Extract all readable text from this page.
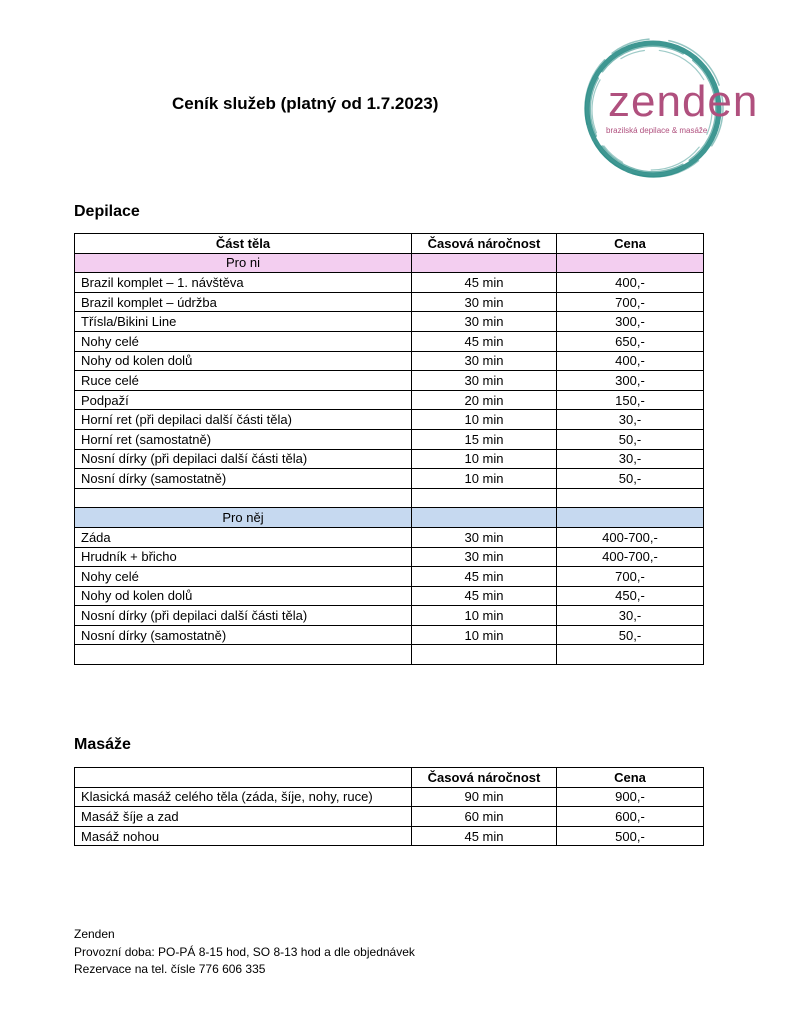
Ceník služeb (platný od 1.7.2023)	zenden
brazilská depilace & masáže
Depilace
Část těla	Časová náročnost	Cena
Pro ni		
Brazil komplet – 1. návštěva	45 min	400,-
Brazil komplet – údržba	30 min	700,-
Třísla/Bikini Line	30 min	300,-
Nohy celé	45 min	650,-
Nohy od kolen dolů	30 min	400,-
Ruce celé	30 min	300,-
Podpaží	20 min	150,-
Horní ret (při depilaci další části těla)	10 min	30,-
Horní ret (samostatně)	15 min	50,-
Nosní dírky (při depilaci další části těla)	10 min	30,-
Nosní dírky (samostatně)	10 min	50,-

Pro něj		
Záda	30 min	400-700,-
Hrudník + břicho	30 min	400-700,-
Nohy celé	45 min	700,-
Nohy od kolen dolů	45 min	450,-
Nosní dírky (při depilaci další části těla)	10 min	30,-
Nosní dírky (samostatně)	10 min	50,-

Masáže
	Časová náročnost	Cena
Klasická masáž celého těla (záda, šíje, nohy, ruce)	90 min	900,-
Masáž šíje a zad	60 min	600,-
Masáž nohou	45 min	500,-
Zenden
Provozní doba: PO-PÁ 8-15 hod, SO 8-13 hod a dle objednávek
Rezervace na tel. čísle 776 606 335
